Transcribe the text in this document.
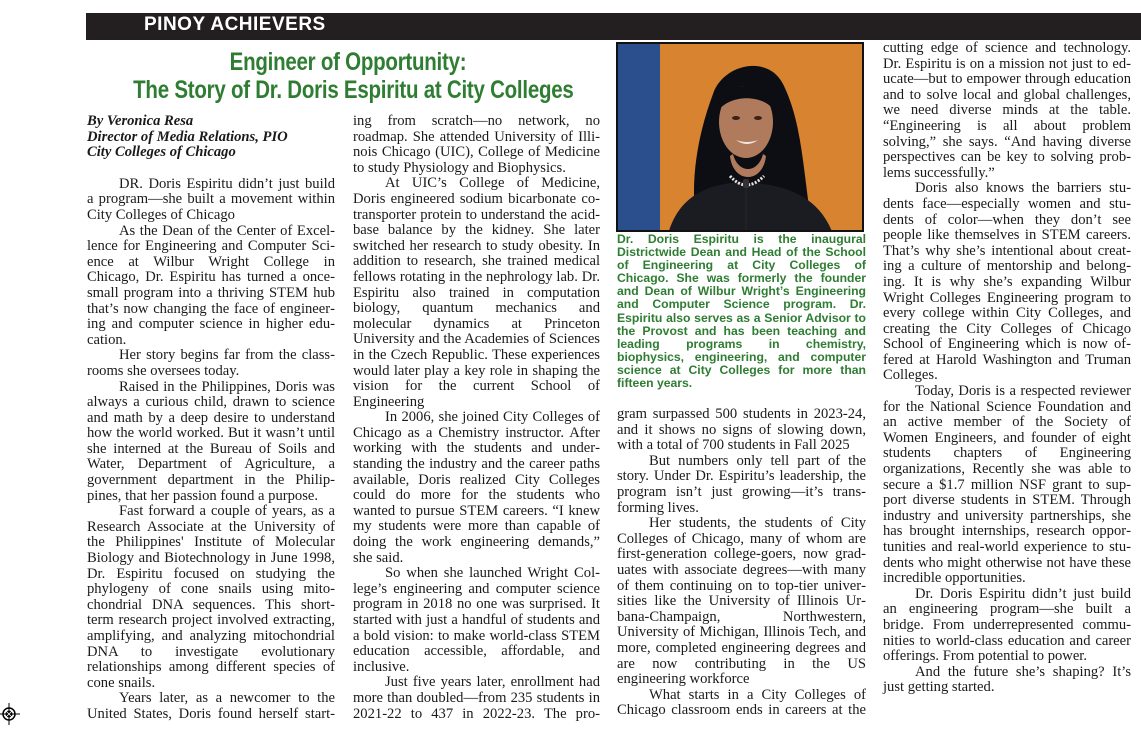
PINOY ACHIEVERS
Engineer of Opportunity:
The Story of Dr. Doris Espiritu at City Colleges
By Veronica Resa
Director of Media Relations, PIO
City Colleges of Chicago

DR. Doris Espiritu didn’t just build a program—she built a movement within City Colleges of Chicago

As the Dean of the Center of Excellence for Engineering and Computer Science at Wilbur Wright College in Chicago, Dr. Espiritu has turned a once-small program into a thriving STEM hub that’s now changing the face of engineering and computer science in higher education.

Her story begins far from the classrooms she oversees today.

Raised in the Philippines, Doris was always a curious child, drawn to science and math by a deep desire to understand how the world worked. But it wasn’t until she interned at the Bureau of Soils and Water, Department of Agriculture, a government department in the Philippines, that her passion found a purpose.

Fast forward a couple of years, as a Research Associate at the University of the Philippines' Institute of Molecular Biology and Biotechnology in June 1998, Dr. Espiritu focused on studying the phylogeny of cone snails using mitochondrial DNA sequences. This short-term research project involved extracting, amplifying, and analyzing mitochondrial DNA to investigate evolutionary relationships among different species of cone snails.

Years later, as a newcomer to the United States, Doris found herself start-

ing from scratch—no network, no roadmap. She attended University of Illinois Chicago (UIC), College of Medicine to study Physiology and Biophysics.

At UIC’s College of Medicine, Doris engineered sodium bicarbonate co-transporter protein to understand the acid-base balance by the kidney. She later switched her research to study obesity. In addition to research, she trained medical fellows rotating in the nephrology lab. Dr. Espiritu also trained in computation biology, quantum mechanics and molecular dynamics at Princeton University and the Academies of Sciences in the Czech Republic. These experiences would later play a key role in shaping the vision for the current School of Engineering

In 2006, she joined City Colleges of Chicago as a Chemistry instructor. After working with the students and understanding the industry and the career paths available, Doris realized City Colleges could do more for the students who wanted to pursue STEM careers. “I knew my students were more than capable of doing the work engineering demands,” she said.

So when she launched Wright College’s engineering and computer science program in 2018 no one was surprised. It started with just a handful of students and a bold vision: to make world-class STEM education accessible, affordable, and inclusive.

Just five years later, enrollment had more than doubled—from 235 students in 2021-22 to 437 in 2022-23. The pro-

Dr. Doris Espiritu is the inaugural Districtwide Dean and Head of the School of Engineering at City Colleges of Chicago. She was formerly the founder and Dean of Wilbur Wright’s Engineering and Computer Science program. Dr. Espiritu also serves as a Senior Advisor to the Provost and has been teaching and leading programs in chemistry, biophysics, engineering, and computer science at City Colleges for more than fifteen years.

gram surpassed 500 students in 2023-24, and it shows no signs of slowing down, with a total of 700 students in Fall 2025

But numbers only tell part of the story. Under Dr. Espiritu’s leadership, the program isn’t just growing—it’s transforming lives.

Her students, the students of City Colleges of Chicago, many of whom are first-generation college-goers, now graduates with associate degrees—with many of them continuing on to top-tier universities like the University of Illinois Urbana-Champaign, Northwestern, University of Michigan, Illinois Tech, and more, completed engineering degrees and are now contributing in the US engineering workforce

What starts in a City Colleges of Chicago classroom ends in careers at the

cutting edge of science and technology. Dr. Espiritu is on a mission not just to educate—but to empower through education and to solve local and global challenges, we need diverse minds at the table. “Engineering is all about problem solving,” she says. “And having diverse perspectives can be key to solving problems successfully.”

Doris also knows the barriers students face—especially women and students of color—when they don’t see people like themselves in STEM careers. That’s why she’s intentional about creating a culture of mentorship and belonging. It is why she’s expanding Wilbur Wright Colleges Engineering program to every college within City Colleges, and creating the City Colleges of Chicago School of Engineering which is now offered at Harold Washington and Truman Colleges.

Today, Doris is a respected reviewer for the National Science Foundation and an active member of the Society of Women Engineers, and founder of eight students chapters of Engineering organizations, Recently she was able to secure a $1.7 million NSF grant to support diverse students in STEM. Through industry and university partnerships, she has brought internships, research opportunities and real-world experience to students who might otherwise not have these incredible opportunities.

Dr. Doris Espiritu didn’t just build an engineering program—she built a bridge. From underrepresented communities to world-class education and career offerings. From potential to power.

And the future she’s shaping? It’s just getting started.
